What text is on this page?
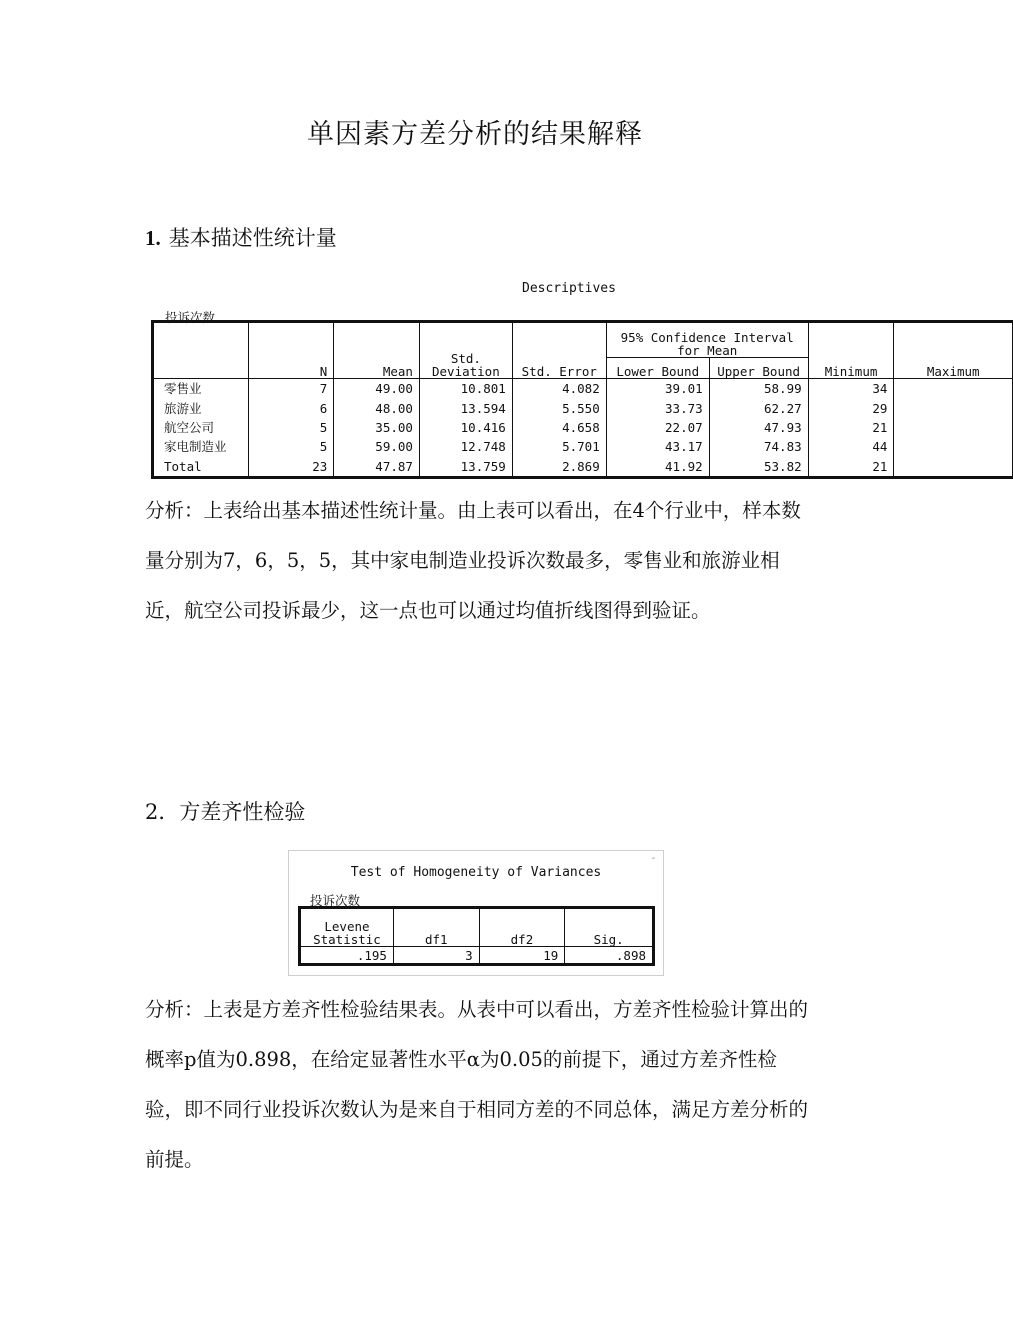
单因素方差分析的结果解释
1. 基本描述性统计量
Descriptives
投诉次数
	N	Mean	Std. Deviation	Std. Error	95% Confidence Interval for Mean		Minimum	Maximum
					Lower Bound	Upper Bound		
零售业	7	49.00	10.801	4.082	39.01	58.99	34	
旅游业	6	48.00	13.594	5.550	33.73	62.27	29	
航空公司	5	35.00	10.416	4.658	22.07	47.93	21	
家电制造业	5	59.00	12.748	5.701	43.17	74.83	44	
Total	23	47.87	13.759	2.869	41.92	53.82	21	
分析：上表给出基本描述性统计量。由上表可以看出，在4个行业中，样本数量分别为7，6，5，5，其中家电制造业投诉次数最多，零售业和旅游业相近，航空公司投诉最少，这一点也可以通过均值折线图得到验证。
2．方差齐性检验
Test of Homogeneity of Variances
投诉次数
-
Levene Statistic	df1	df2	Sig.
.195	3	19	.898
分析：上表是方差齐性检验结果表。从表中可以看出，方差齐性检验计算出的概率p值为0.898，在给定显著性水平α为0.05的前提下，通过方差齐性检验，即不同行业投诉次数认为是来自于相同方差的不同总体，满足方差分析的前提。
